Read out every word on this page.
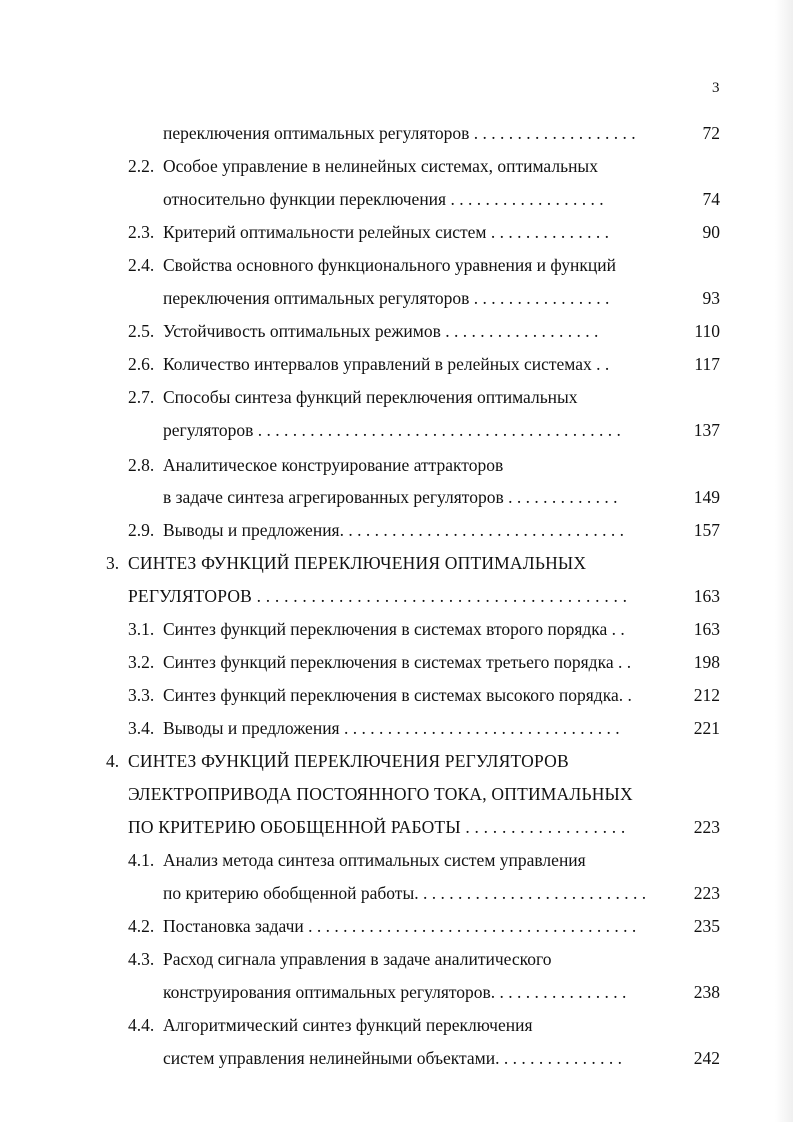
3
переключения оптимальных регуляторов . . . . . . . . . . . . . . . . . . .	72
2.2. Особое управление в нелинейных системах, оптимальных
относительно функции переключения . . . . . . . . . . . . . . . . . .	74
2.3. Критерий оптимальности релейных систем . . . . . . . . . . . . . .	90
2.4. Свойства основного функционального уравнения и функций
переключения оптимальных регуляторов . . . . . . . . . . . . . . . .	93
2.5. Устойчивость оптимальных режимов . . . . . . . . . . . . . . . . . .	110
2.6. Количество интервалов управлений в релейных системах . .	117
2.7. Способы синтеза функций переключения оптимальных
регуляторов . . . . . . . . . . . . . . . . . . . . . . . . . . . . . . . . . . . . . . . . . .	137
2.8. Аналитическое конструирование аттракторов
в задаче синтеза агрегированных регуляторов . . . . . . . . . . . . .	149
2.9. Выводы и предложения. . . . . . . . . . . . . . . . . . . . . . . . . . . . . . . . .	157
3. СИНТЕЗ ФУНКЦИЙ ПЕРЕКЛЮЧЕНИЯ ОПТИМАЛЬНЫХ
РЕГУЛЯТОРОВ . . . . . . . . . . . . . . . . . . . . . . . . . . . . . . . . . . . . . . . . .	163
3.1. Синтез функций переключения в системах второго порядка . .	163
3.2. Синтез функций переключения в системах третьего порядка . .	198
3.3. Синтез функций переключения в системах высокого порядка. .	212
3.4. Выводы и предложения . . . . . . . . . . . . . . . . . . . . . . . . . . . . . . . .	221
4. СИНТЕЗ ФУНКЦИЙ ПЕРЕКЛЮЧЕНИЯ РЕГУЛЯТОРОВ
ЭЛЕКТРОПРИВОДА ПОСТОЯННОГО ТОКА, ОПТИМАЛЬНЫХ
ПО КРИТЕРИЮ ОБОБЩЕННОЙ РАБОТЫ . . . . . . . . . . . . . . . . . .	223
4.1. Анализ метода синтеза оптимальных систем управления
по критерию обобщенной работы. . . . . . . . . . . . . . . . . . . . . . . . . . .	223
4.2. Постановка задачи . . . . . . . . . . . . . . . . . . . . . . . . . . . . . . . . . . . . . .	235
4.3. Расход сигнала управления в задаче аналитического
конструирования оптимальных регуляторов. . . . . . . . . . . . . . . .	238
4.4. Алгоритмический синтез функций переключения
систем управления нелинейными объектами. . . . . . . . . . . . . . .	242
